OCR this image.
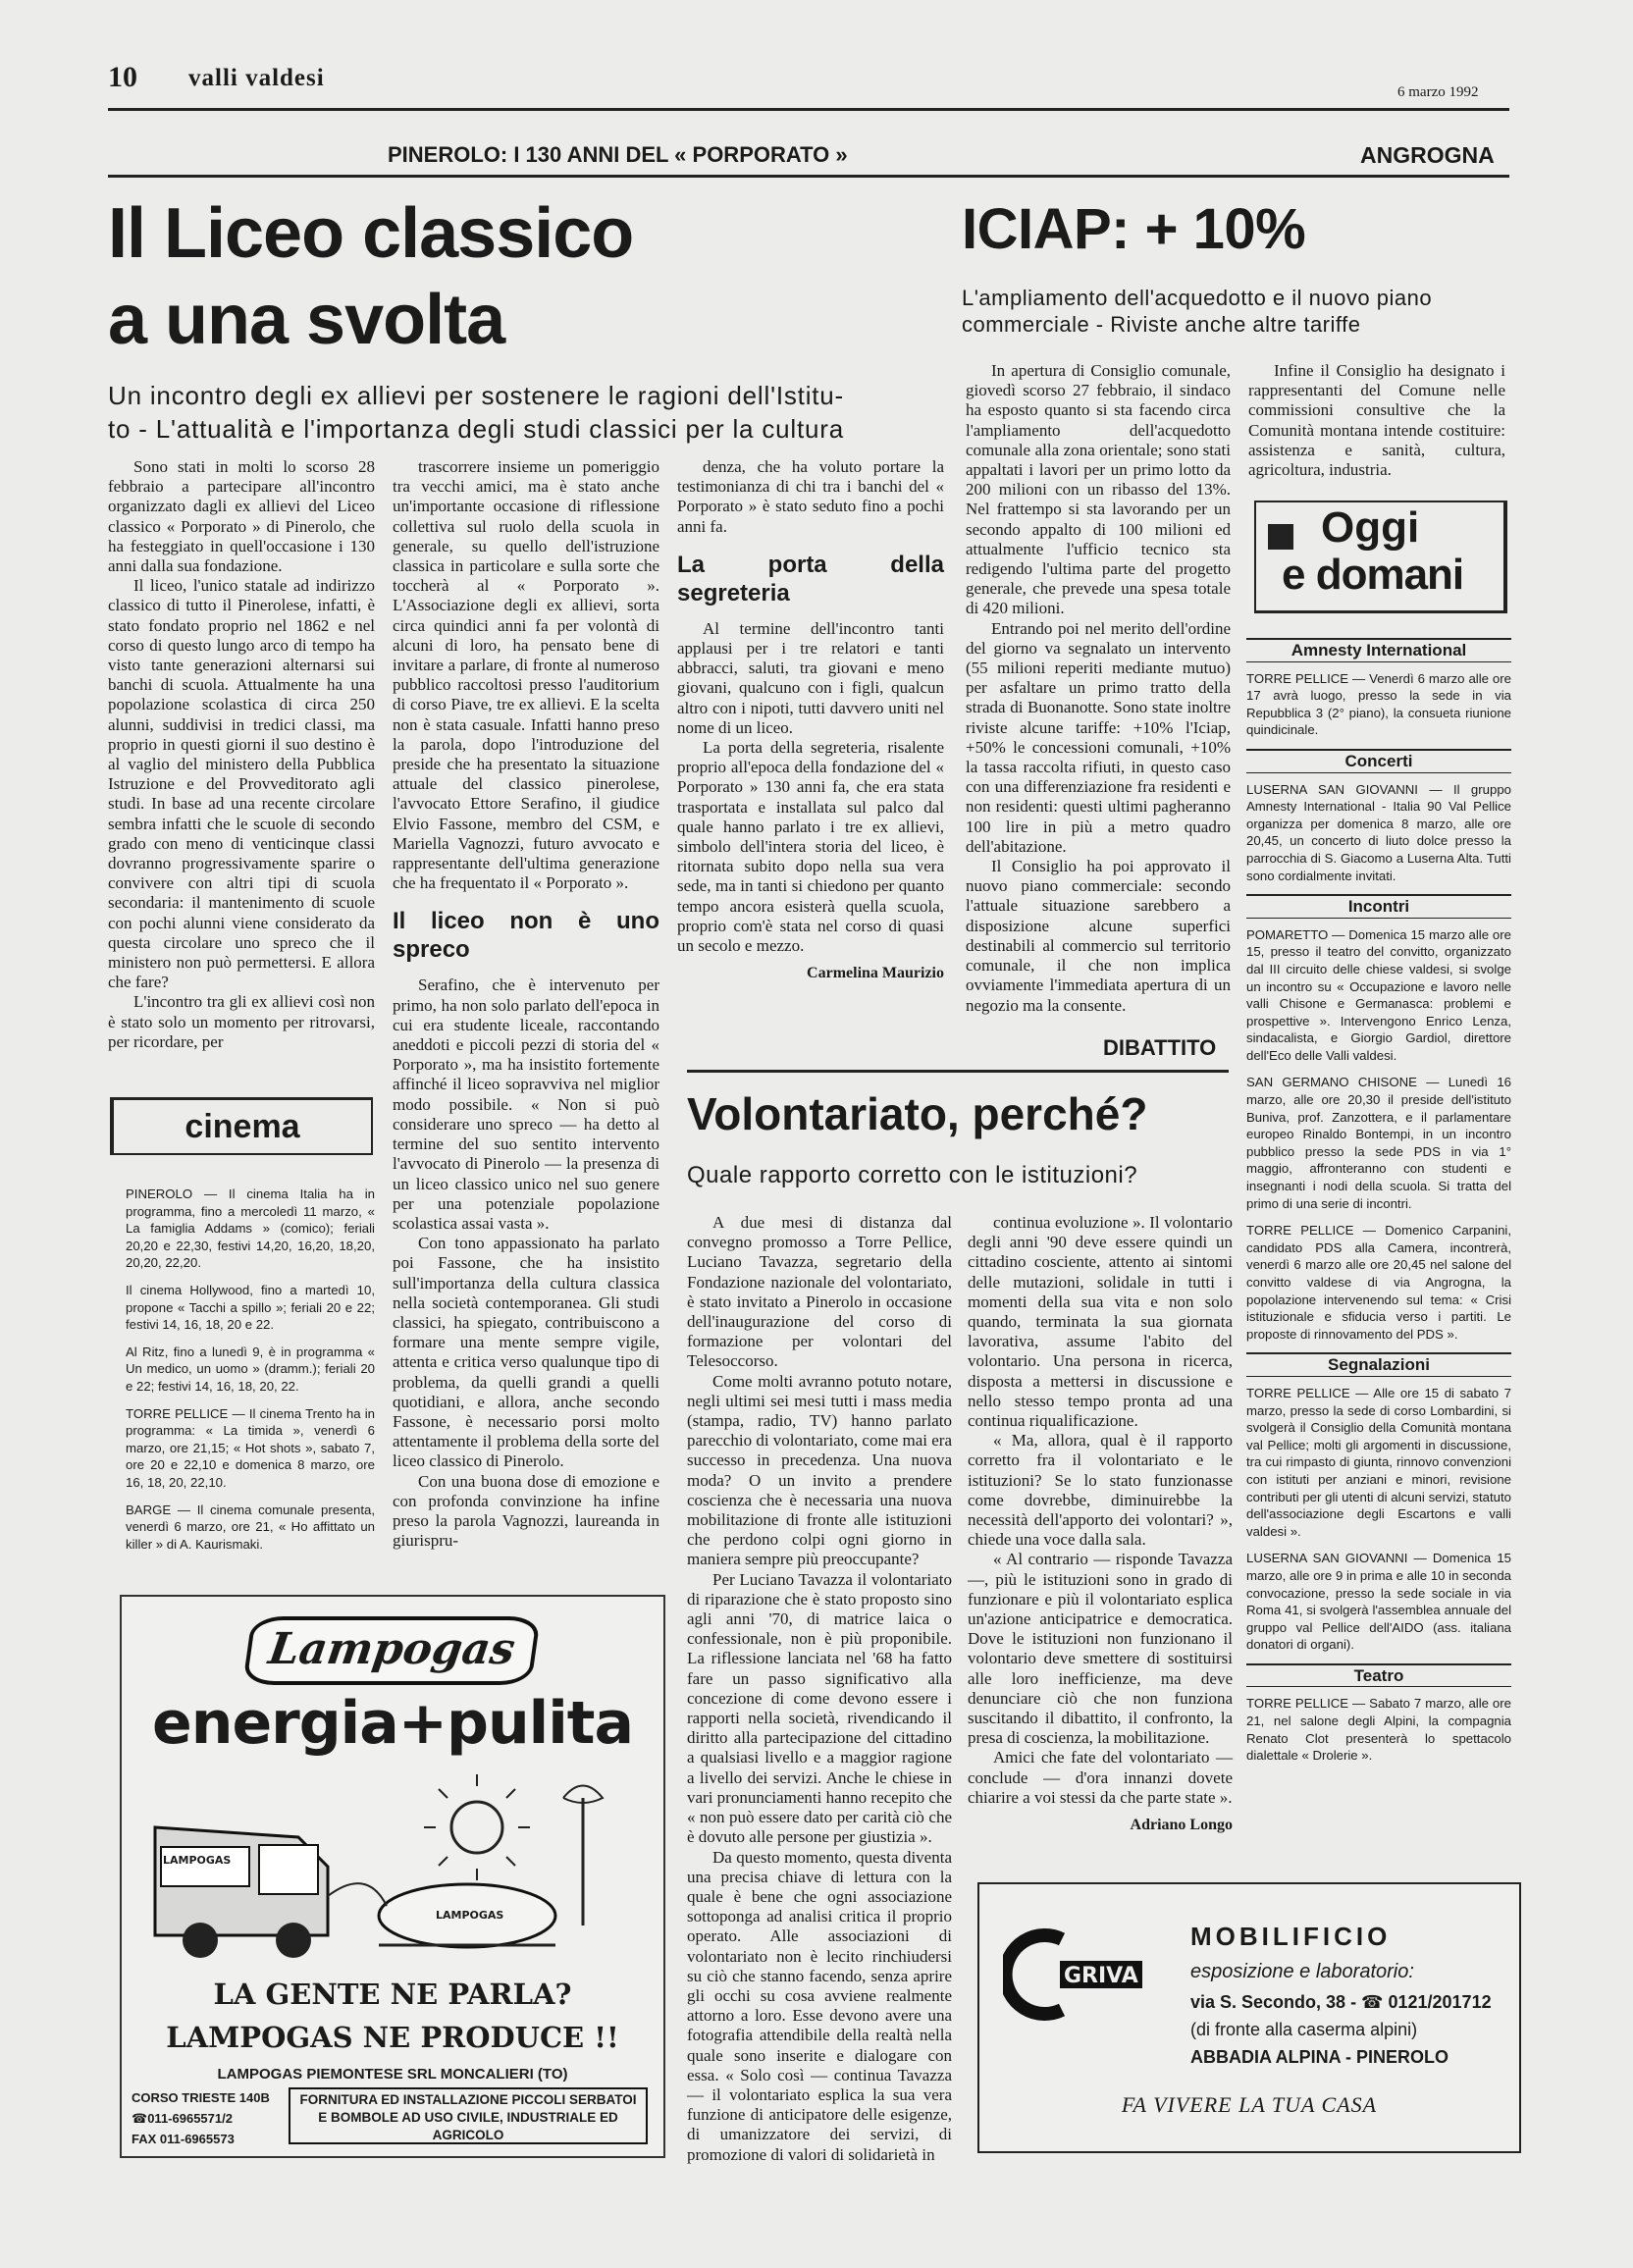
10 valli valdesi
6 marzo 1992
PINEROLO: I 130 ANNI DEL « PORPORATO »
Il Liceo classico
a una svolta
Un incontro degli ex allievi per sostenere le ragioni dell'Istitu-
to - L'attualità e l'importanza degli studi classici per la cultura

Sono stati in molti lo scorso 28 febbraio a partecipare all'incontro organizzato dagli ex allievi del Liceo classico « Porporato » di Pinerolo, che ha festeggiato in quell'occasione i 130 anni dalla sua fondazione.

Il liceo, l'unico statale ad indirizzo classico di tutto il Pinerolese, infatti, è stato fondato proprio nel 1862 e nel corso di questo lungo arco di tempo ha visto tante generazioni alternarsi sui banchi di scuola. Attualmente ha una popolazione scolastica di circa 250 alunni, suddivisi in tredici classi, ma proprio in questi giorni il suo destino è al vaglio del ministero della Pubblica Istruzione e del Provveditorato agli studi. In base ad una recente circolare sembra infatti che le scuole di secondo grado con meno di venticinque classi dovranno progressivamente sparire o convivere con altri tipi di scuola secondaria: il mantenimento di scuole con pochi alunni viene considerato da questa circolare uno spreco che il ministero non può permettersi. E allora che fare?

L'incontro tra gli ex allievi così non è stato solo un momento per ritrovarsi, per ricordare, per

trascorrere insieme un pomeriggio tra vecchi amici, ma è stato anche un'importante occasione di riflessione collettiva sul ruolo della scuola in generale, su quello dell'istruzione classica in particolare e sulla sorte che toccherà al « Porporato ». L'Associazione degli ex allievi, sorta circa quindici anni fa per volontà di alcuni di loro, ha pensato bene di invitare a parlare, di fronte al numeroso pubblico raccoltosi presso l'auditorium di corso Piave, tre ex allievi. E la scelta non è stata casuale. Infatti hanno preso la parola, dopo l'introduzione del preside che ha presentato la situazione attuale del classico pinerolese, l'avvocato Ettore Serafino, il giudice Elvio Fassone, membro del CSM, e Mariella Vagnozzi, futuro avvocato e rappresentante dell'ultima generazione che ha frequentato il « Porporato ».

Il liceo non è uno spreco

Serafino, che è intervenuto per primo, ha non solo parlato dell'epoca in cui era studente liceale, raccontando aneddoti e piccoli pezzi di storia del « Porporato », ma ha insistito fortemente affinché il liceo sopravviva nel miglior modo possibile. « Non si può considerare uno spreco — ha detto al termine del suo sentito intervento l'avvocato di Pinerolo — la presenza di un liceo classico unico nel suo genere per una potenziale popolazione scolastica assai vasta ».

Con tono appassionato ha parlato poi Fassone, che ha insistito sull'importanza della cultura classica nella società contemporanea. Gli studi classici, ha spiegato, contribuiscono a formare una mente sempre vigile, attenta e critica verso qualunque tipo di problema, da quelli grandi a quelli quotidiani, e allora, anche secondo Fassone, è necessario porsi molto attentamente il problema della sorte del liceo classico di Pinerolo.

Con una buona dose di emozione e con profonda convinzione ha infine preso la parola Vagnozzi, laureanda in giurispru-

denza, che ha voluto portare la testimonianza di chi tra i banchi del « Porporato » è stato seduto fino a pochi anni fa.

La porta della segreteria

Al termine dell'incontro tanti applausi per i tre relatori e tanti abbracci, saluti, tra giovani e meno giovani, qualcuno con i figli, qualcun altro con i nipoti, tutti davvero uniti nel nome di un liceo.

La porta della segreteria, risalente proprio all'epoca della fondazione del « Porporato » 130 anni fa, che era stata trasportata e installata sul palco dal quale hanno parlato i tre ex allievi, simbolo dell'intera storia del liceo, è ritornata subito dopo nella sua vera sede, ma in tanti si chiedono per quanto tempo ancora esisterà quella scuola, proprio com'è stata nel corso di quasi un secolo e mezzo.

Carmelina Maurizio
cinema

PINEROLO — Il cinema Italia ha in programma, fino a mercoledì 11 marzo, « La famiglia Addams » (comico); feriali 20,20 e 22,30, festivi 14,20, 16,20, 18,20, 20,20, 22,20.

Il cinema Hollywood, fino a martedì 10, propone « Tacchi a spillo »; feriali 20 e 22; festivi 14, 16, 18, 20 e 22.

Al Ritz, fino a lunedì 9, è in programma « Un medico, un uomo » (dramm.); feriali 20 e 22; festivi 14, 16, 18, 20, 22.

TORRE PELLICE — Il cinema Trento ha in programma: « La timida », venerdì 6 marzo, ore 21,15; « Hot shots », sabato 7, ore 20 e 22,10 e domenica 8 marzo, ore 16, 18, 20, 22,10.

BARGE — Il cinema comunale presenta, venerdì 6 marzo, ore 21, « Ho affittato un killer » di A. Kaurismaki.

Lampogas
energia+pulita
LAMPOGAS
LAMPOGAS
LA GENTE NE PARLA?
LAMPOGAS NE PRODUCE !!
LAMPOGAS PIEMONTESE SRL MONCALIERI (TO)
CORSO TRIESTE 140B
☎011-6965571/2
FAX 011-6965573
FORNITURA ED INSTALLAZIONE PICCOLI SERBATOI E BOMBOLE AD USO CIVILE, INDUSTRIALE ED AGRICOLO
ANGROGNA
ICIAP: + 10%
L'ampliamento dell'acquedotto e il nuovo piano commerciale - Riviste anche altre tariffe

In apertura di Consiglio comunale, giovedì scorso 27 febbraio, il sindaco ha esposto quanto si sta facendo circa l'ampliamento dell'acquedotto comunale alla zona orientale; sono stati appaltati i lavori per un primo lotto da 200 milioni con un ribasso del 13%. Nel frattempo si sta lavorando per un secondo appalto di 100 milioni ed attualmente l'ufficio tecnico sta redigendo l'ultima parte del progetto generale, che prevede una spesa totale di 420 milioni.

Entrando poi nel merito dell'ordine del giorno va segnalato un intervento (55 milioni reperiti mediante mutuo) per asfaltare un primo tratto della strada di Buonanotte. Sono state inoltre riviste alcune tariffe: +10% l'Iciap, +50% le concessioni comunali, +10% la tassa raccolta rifiuti, in questo caso con una differenziazione fra residenti e non residenti: questi ultimi pagheranno 100 lire in più a metro quadro dell'abitazione.

Il Consiglio ha poi approvato il nuovo piano commerciale: secondo l'attuale situazione sarebbero a disposizione alcune superfici destinabili al commercio sul territorio comunale, il che non implica ovviamente l'immediata apertura di un negozio ma la consente.

Infine il Consiglio ha designato i rappresentanti del Comune nelle commissioni consultive che la Comunità montana intende costituire: assistenza e sanità, cultura, agricoltura, industria.

Oggi
e domani
Amnesty International

TORRE PELLICE — Venerdì 6 marzo alle ore 17 avrà luogo, presso la sede in via Repubblica 3 (2° piano), la consueta riunione quindicinale.

Concerti

LUSERNA SAN GIOVANNI — Il gruppo Amnesty International - Italia 90 Val Pellice organizza per domenica 8 marzo, alle ore 20,45, un concerto di liuto dolce presso la parrocchia di S. Giacomo a Luserna Alta. Tutti sono cordialmente invitati.

Incontri

POMARETTO — Domenica 15 marzo alle ore 15, presso il teatro del convitto, organizzato dal III circuito delle chiese valdesi, si svolge un incontro su « Occupazione e lavoro nelle valli Chisone e Germanasca: problemi e prospettive ». Intervengono Enrico Lenza, sindacalista, e Giorgio Gardiol, direttore dell'Eco delle Valli valdesi.

SAN GERMANO CHISONE — Lunedì 16 marzo, alle ore 20,30 il preside dell'istituto Buniva, prof. Zanzottera, e il parlamentare europeo Rinaldo Bontempi, in un incontro pubblico presso la sede PDS in via 1° maggio, affronteranno con studenti e insegnanti i nodi della scuola. Si tratta del primo di una serie di incontri.

TORRE PELLICE — Domenico Carpanini, candidato PDS alla Camera, incontrerà, venerdì 6 marzo alle ore 20,45 nel salone del convitto valdese di via Angrogna, la popolazione intervenendo sul tema: « Crisi istituzionale e sfiducia verso i partiti. Le proposte di rinnovamento del PDS ».

Segnalazioni

TORRE PELLICE — Alle ore 15 di sabato 7 marzo, presso la sede di corso Lombardini, si svolgerà il Consiglio della Comunità montana val Pellice; molti gli argomenti in discussione, tra cui rimpasto di giunta, rinnovo convenzioni con istituti per anziani e minori, revisione contributi per gli utenti di alcuni servizi, statuto dell'associazione degli Escartons e valli valdesi ».

LUSERNA SAN GIOVANNI — Domenica 15 marzo, alle ore 9 in prima e alle 10 in seconda convocazione, presso la sede sociale in via Roma 41, si svolgerà l'assemblea annuale del gruppo val Pellice dell'AIDO (ass. italiana donatori di organi).

Teatro

TORRE PELLICE — Sabato 7 marzo, alle ore 21, nel salone degli Alpini, la compagnia Renato Clot presenterà lo spettacolo dialettale « Drolerie ».

DIBATTITO
Volontariato, perché?
Quale rapporto corretto con le istituzioni?

A due mesi di distanza dal convegno promosso a Torre Pellice, Luciano Tavazza, segretario della Fondazione nazionale del volontariato, è stato invitato a Pinerolo in occasione dell'inaugurazione del corso di formazione per volontari del Telesoccorso.

Come molti avranno potuto notare, negli ultimi sei mesi tutti i mass media (stampa, radio, TV) hanno parlato parecchio di volontariato, come mai era successo in precedenza. Una nuova moda? O un invito a prendere coscienza che è necessaria una nuova mobilitazione di fronte alle istituzioni che perdono colpi ogni giorno in maniera sempre più preoccupante?

Per Luciano Tavazza il volontariato di riparazione che è stato proposto sino agli anni '70, di matrice laica o confessionale, non è più proponibile. La riflessione lanciata nel '68 ha fatto fare un passo significativo alla concezione di come devono essere i rapporti nella società, rivendicando il diritto alla partecipazione del cittadino a qualsiasi livello e a maggior ragione a livello dei servizi. Anche le chiese in vari pronunciamenti hanno recepito che « non può essere dato per carità ciò che è dovuto alle persone per giustizia ».

Da questo momento, questa diventa una precisa chiave di lettura con la quale è bene che ogni associazione sottoponga ad analisi critica il proprio operato. Alle associazioni di volontariato non è lecito rinchiudersi su ciò che stanno facendo, senza aprire gli occhi su cosa avviene realmente attorno a loro. Esse devono avere una fotografia attendibile della realtà nella quale sono inserite e dialogare con essa. « Solo così — continua Tavazza — il volontariato esplica la sua vera funzione di anticipatore delle esigenze, di umanizzatore dei servizi, di promozione di valori di solidarietà in

continua evoluzione ». Il volontario degli anni '90 deve essere quindi un cittadino cosciente, attento ai sintomi delle mutazioni, solidale in tutti i momenti della sua vita e non solo quando, terminata la sua giornata lavorativa, assume l'abito del volontario. Una persona in ricerca, disposta a mettersi in discussione e nello stesso tempo pronta ad una continua riqualificazione.

« Ma, allora, qual è il rapporto corretto fra il volontariato e le istituzioni? Se lo stato funzionasse come dovrebbe, diminuirebbe la necessità dell'apporto dei volontari? », chiede una voce dalla sala.

« Al contrario — risponde Tavazza —, più le istituzioni sono in grado di funzionare e più il volontariato esplica un'azione anticipatrice e democratica. Dove le istituzioni non funzionano il volontario deve smettere di sostituirsi alle loro inefficienze, ma deve denunciare ciò che non funziona suscitando il dibattito, il confronto, la presa di coscienza, la mobilitazione.

Amici che fate del volontariato — conclude — d'ora innanzi dovete chiarire a voi stessi da che parte state ».

Adriano Longo
GRIVA
MOBILIFICIO
esposizione e laboratorio:
via S. Secondo, 38 - ☎ 0121/201712
(di fronte alla caserma alpini)
ABBADIA ALPINA - PINEROLO
FA VIVERE LA TUA CASA
